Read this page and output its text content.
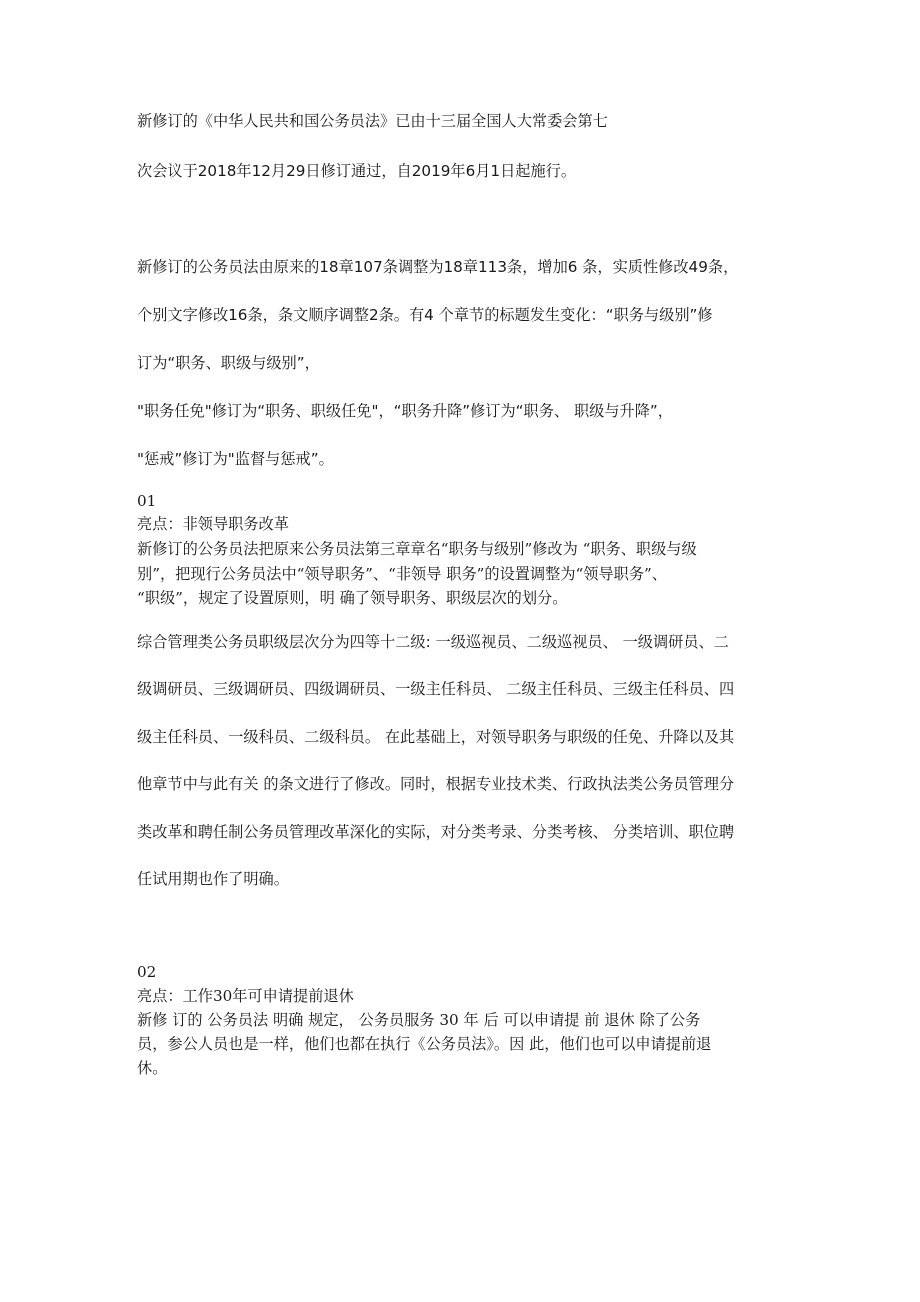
新修订的《中华人民共和国公务员法》已由十三届全国人大常委会第七
次会议于2018年12月29日修订通过，自2019年6月1日起施行。
新修订的公务员法由原来的18章107条调整为18章113条，增加6 条，实质性修改49条，
个别文字修改16条，条文顺序调整2条。有4 个章节的标题发生变化：“职务与级别”修
订为“职务、职级与级别”，
"职务任免"修订为“职务、职级任免"，“职务升降”修订为“职务、 职级与升降”，
"惩戒”修订为"监督与惩戒”。
01
亮点：非领导职务改革
新修订的公务员法把原来公务员法第三章章名“职务与级别”修改为 “职务、职级与级
别”，把现行公务员法中“领导职务”、“非领导 职务”的设置调整为“领导职务”、
“职级”，规定了设置原则，明 确了领导职务、职级层次的划分。
综合管理类公务员职级层次分为四等十二级: 一级巡视员、二级巡视员、 一级调研员、二
级调研员、三级调研员、四级调研员、一级主任科员、 二级主任科员、三级主任科员、四
级主任科员、一级科员、二级科员。 在此基础上，对领导职务与职级的任免、升降以及其
他章节中与此有关 的条文进行了修改。同时，根据专业技术类、行政执法类公务员管理分
类改革和聘任制公务员管理改革深化的实际，对分类考录、分类考核、 分类培训、职位聘
任试用期也作了明确。
02
亮点：工作30年可申请提前退休
新修 订的 公务员法 明确 规定， 公务员服务 30 年 后 可以申请提 前 退休 除了公务
员，参公人员也是一样，他们也都在执行《公务员法》。因 此，他们也可以申请提前退
休。
